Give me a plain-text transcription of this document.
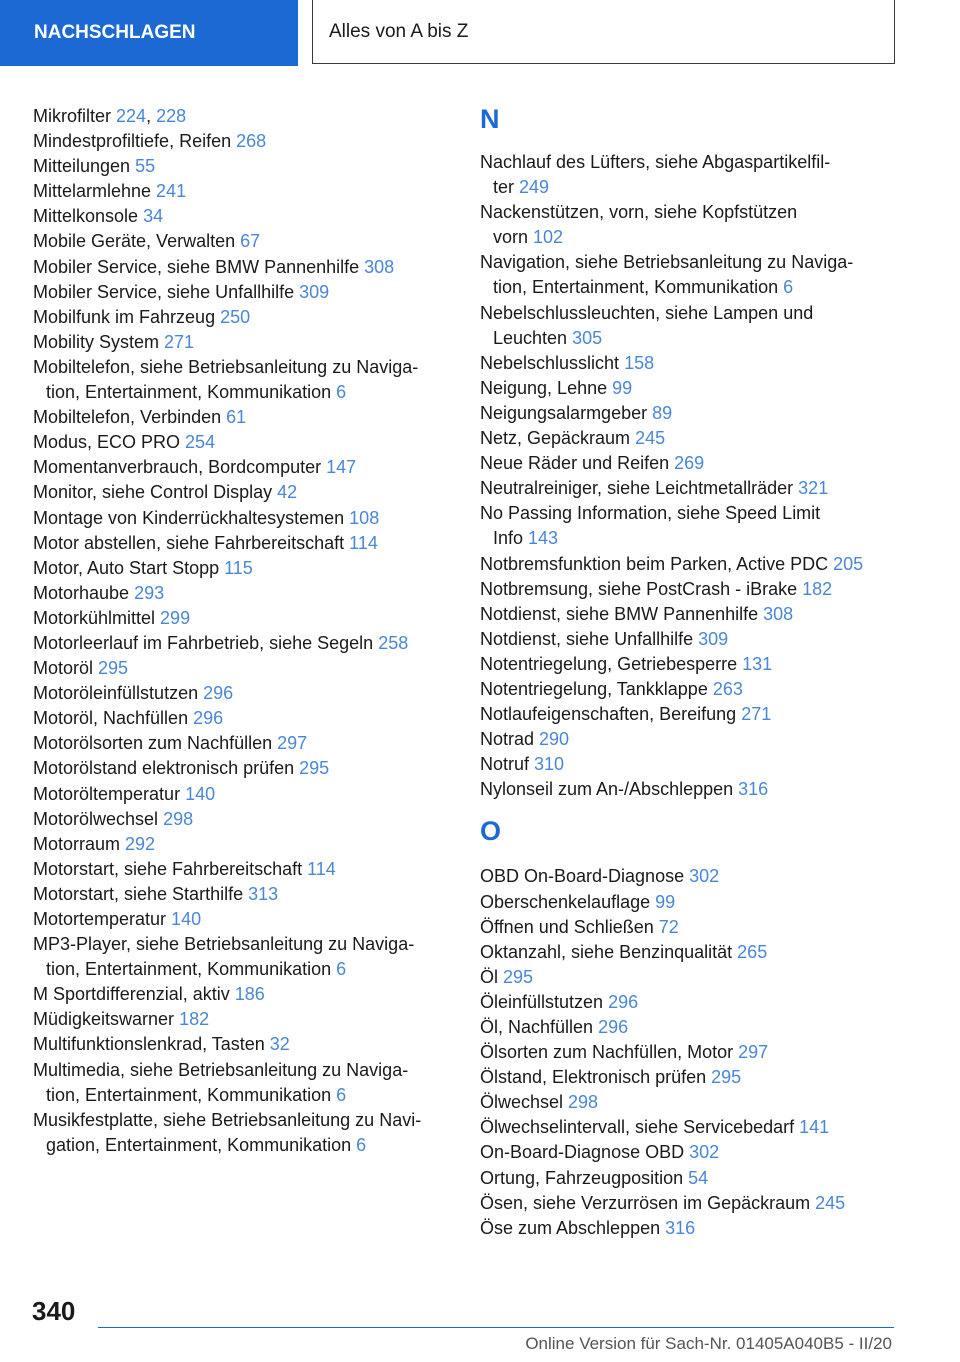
NACHSCHLAGEN	Alles von A bis Z
Mikrofilter 224, 228
Mindestprofiltiefe, Reifen 268
Mitteilungen 55
Mittelarmlehne 241
Mittelkonsole 34
Mobile Geräte, Verwalten 67
Mobiler Service, siehe BMW Pannenhilfe 308
Mobiler Service, siehe Unfallhilfe 309
Mobilfunk im Fahrzeug 250
Mobility System 271
Mobiltelefon, siehe Betriebsanleitung zu Naviga-
tion, Entertainment, Kommunikation 6
Mobiltelefon, Verbinden 61
Modus, ECO PRO 254
Momentanverbrauch, Bordcomputer 147
Monitor, siehe Control Display 42
Montage von Kinderrückhaltesystemen 108
Motor abstellen, siehe Fahrbereitschaft 114
Motor, Auto Start Stopp 115
Motorhaube 293
Motorkühlmittel 299
Motorleerlauf im Fahrbetrieb, siehe Segeln 258
Motoröl 295
Motoröleinfüllstutzen 296
Motoröl, Nachfüllen 296
Motorölsorten zum Nachfüllen 297
Motorölstand elektronisch prüfen 295
Motoröltemperatur 140
Motorölwechsel 298
Motorraum 292
Motorstart, siehe Fahrbereitschaft 114
Motorstart, siehe Starthilfe 313
Motortemperatur 140
MP3-Player, siehe Betriebsanleitung zu Naviga-
tion, Entertainment, Kommunikation 6
M Sportdifferenzial, aktiv 186
Müdigkeitswarner 182
Multifunktionslenkrad, Tasten 32
Multimedia, siehe Betriebsanleitung zu Naviga-
tion, Entertainment, Kommunikation 6
Musikfestplatte, siehe Betriebsanleitung zu Navi-
gation, Entertainment, Kommunikation 6
N
Nachlauf des Lüfters, siehe Abgaspartikelfil-
ter 249
Nackenstützen, vorn, siehe Kopfstützen
vorn 102
Navigation, siehe Betriebsanleitung zu Naviga-
tion, Entertainment, Kommunikation 6
Nebelschlussleuchten, siehe Lampen und
Leuchten 305
Nebelschlusslicht 158
Neigung, Lehne 99
Neigungsalarmgeber 89
Netz, Gepäckraum 245
Neue Räder und Reifen 269
Neutralreiniger, siehe Leichtmetallräder 321
No Passing Information, siehe Speed Limit
Info 143
Notbremsfunktion beim Parken, Active PDC 205
Notbremsung, siehe PostCrash - iBrake 182
Notdienst, siehe BMW Pannenhilfe 308
Notdienst, siehe Unfallhilfe 309
Notentriegelung, Getriebesperre 131
Notentriegelung, Tankklappe 263
Notlaufeigenschaften, Bereifung 271
Notrad 290
Notruf 310
Nylonseil zum An-/Abschleppen 316
O
OBD On-Board-Diagnose 302
Oberschenkelauflage 99
Öffnen und Schließen 72
Oktanzahl, siehe Benzinqualität 265
Öl 295
Öleinfüllstutzen 296
Öl, Nachfüllen 296
Ölsorten zum Nachfüllen, Motor 297
Ölstand, Elektronisch prüfen 295
Ölwechsel 298
Ölwechselintervall, siehe Servicebedarf 141
On-Board-Diagnose OBD 302
Ortung, Fahrzeugposition 54
Ösen, siehe Verzurrösen im Gepäckraum 245
Öse zum Abschleppen 316
340
Online Version für Sach-Nr. 01405A040B5 - II/20
